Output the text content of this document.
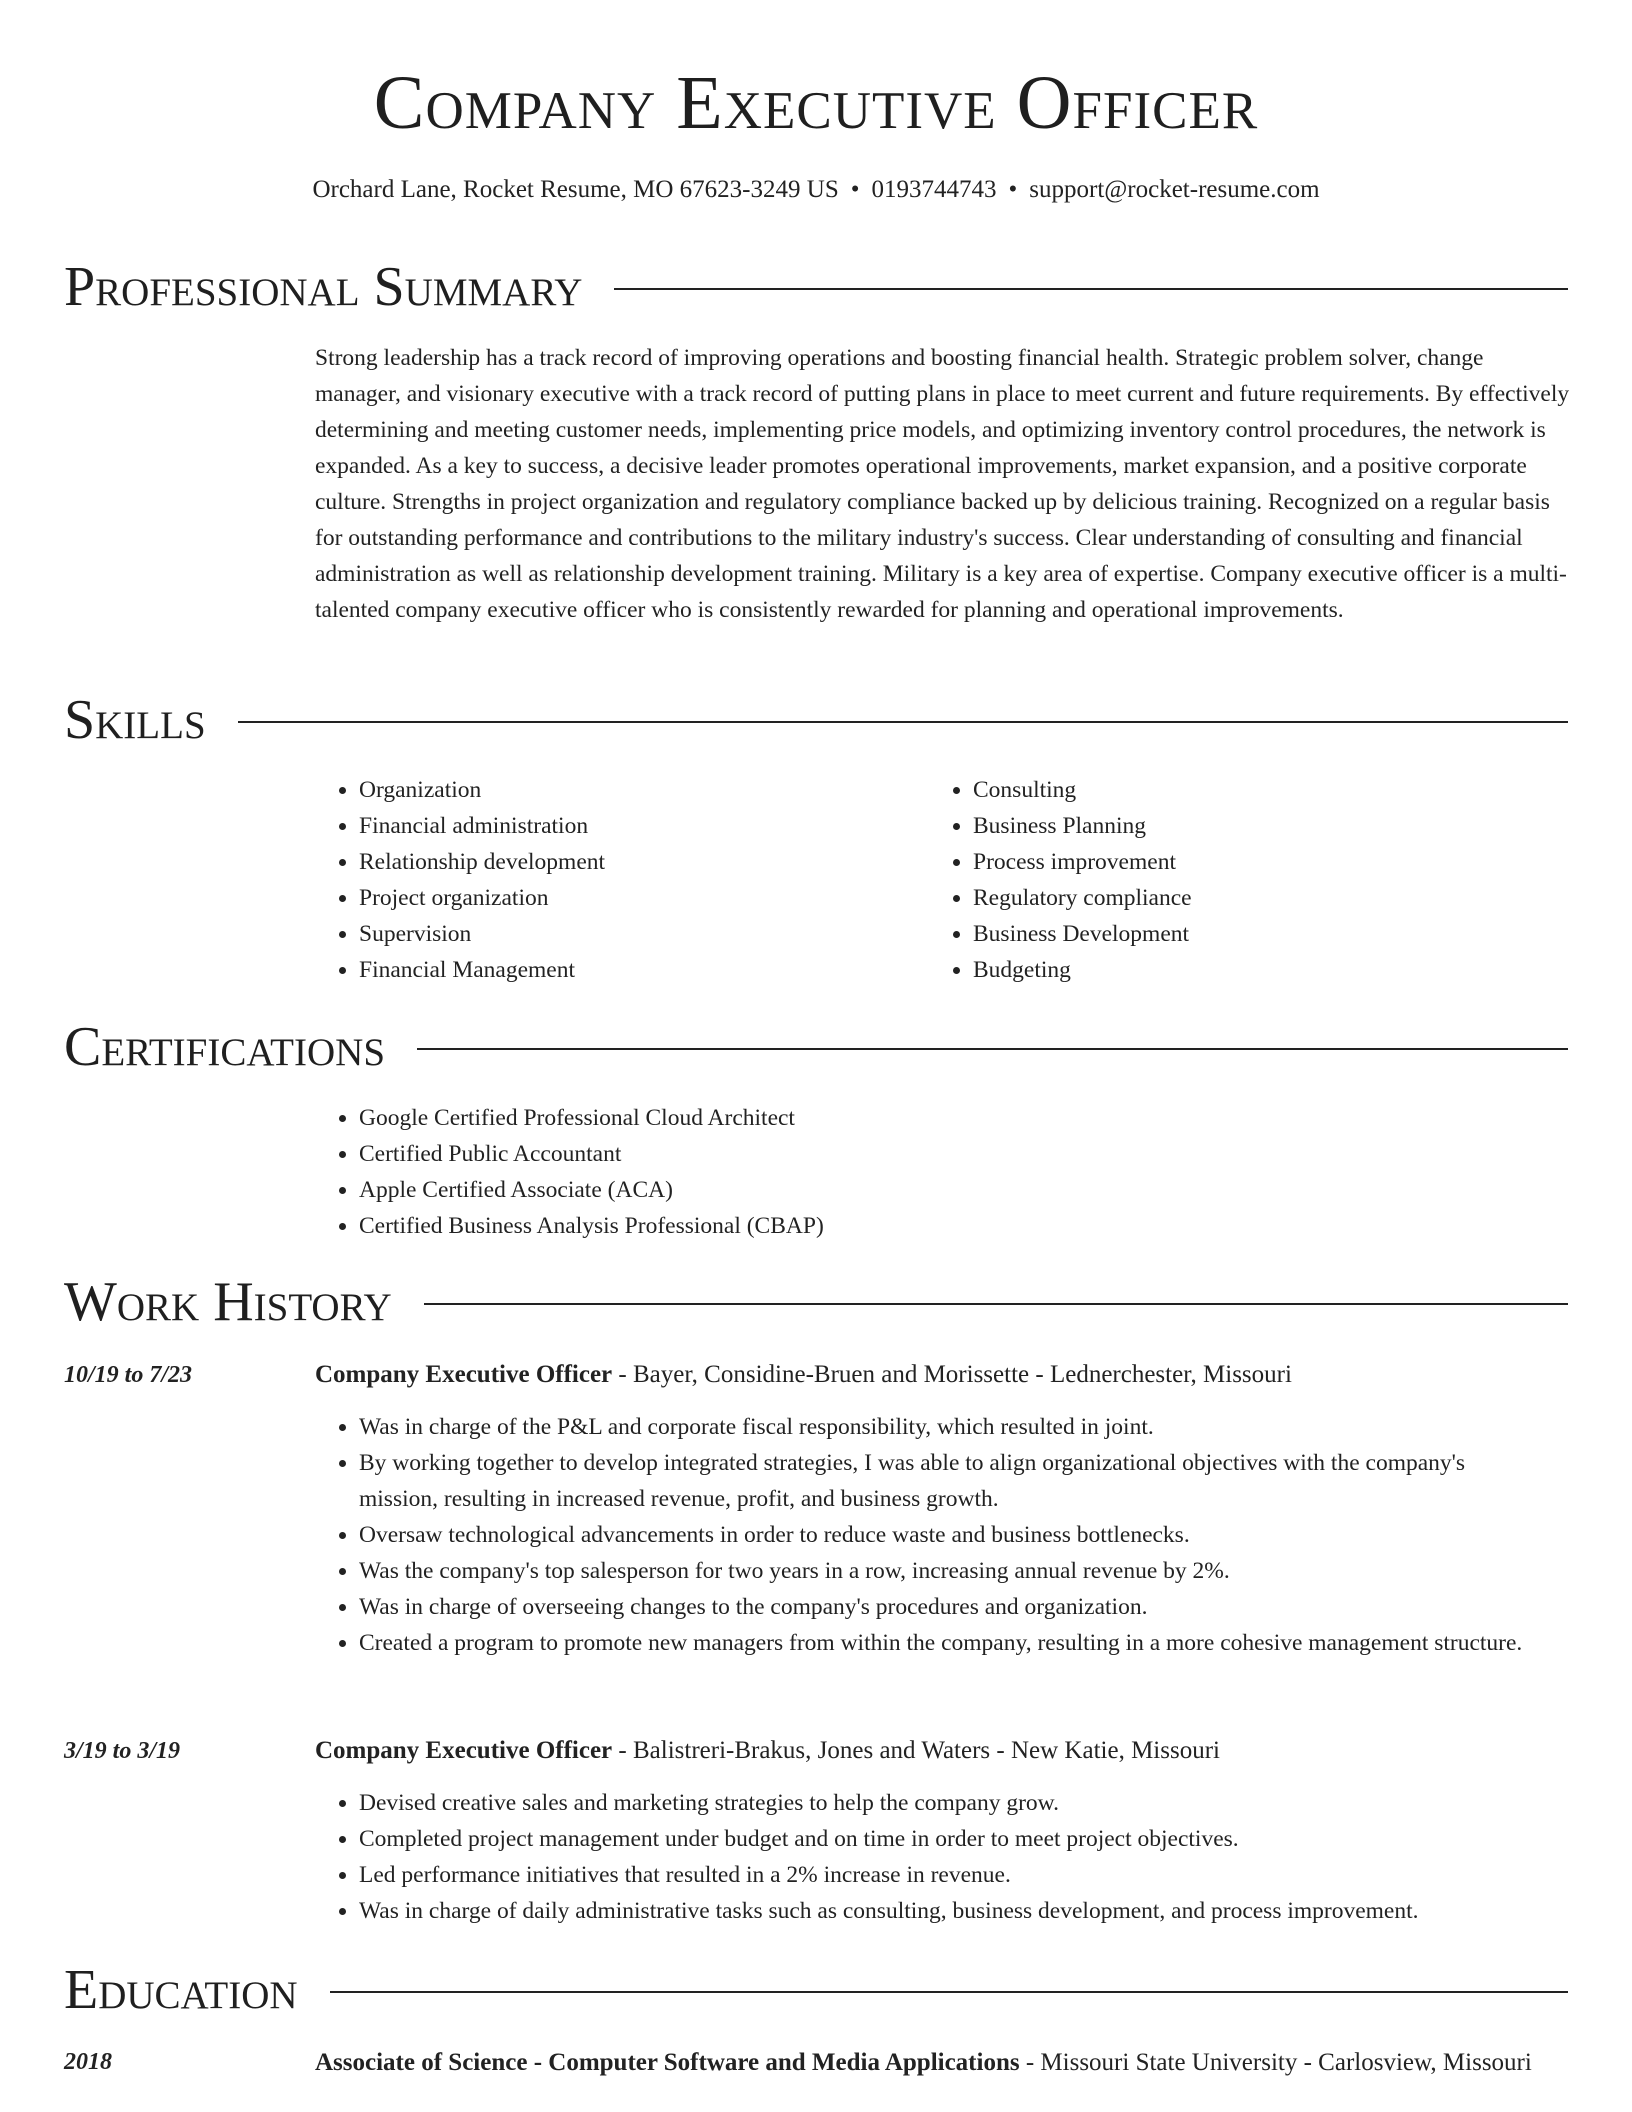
Company Executive Officer
Orchard Lane, Rocket Resume, MO 67623-3249 US • 0193744743 • support@rocket-resume.com
Professional Summary

Strong leadership has a track record of improving operations and boosting financial health. Strategic problem solver, change manager, and visionary executive with a track record of putting plans in place to meet current and future requirements. By effectively determining and meeting customer needs, implementing price models, and optimizing inventory control procedures, the network is expanded. As a key to success, a decisive leader promotes operational improvements, market expansion, and a positive corporate culture. Strengths in project organization and regulatory compliance backed up by delicious training. Recognized on a regular basis for outstanding performance and contributions to the military industry's success. Clear understanding of consulting and financial administration as well as relationship development training. Military is a key area of expertise. Company executive officer is a multi-talented company executive officer who is consistently rewarded for planning and operational improvements.

Skills
• Organization
• Financial administration
• Relationship development
• Project organization
• Supervision
• Financial Management
• Consulting
• Business Planning
• Process improvement
• Regulatory compliance
• Business Development
• Budgeting
Certifications
• Google Certified Professional Cloud Architect
• Certified Public Accountant
• Apple Certified Associate (ACA)
• Certified Business Analysis Professional (CBAP)
Work History
10/19 to 7/23	Company Executive Officer - Bayer, Considine-Bruen and Morissette - Lednerchester, Missouri
• Was in charge of the P&L and corporate fiscal responsibility, which resulted in joint.
• By working together to develop integrated strategies, I was able to align organizational objectives with the company's mission, resulting in increased revenue, profit, and business growth.
• Oversaw technological advancements in order to reduce waste and business bottlenecks.
• Was the company's top salesperson for two years in a row, increasing annual revenue by 2%.
• Was in charge of overseeing changes to the company's procedures and organization.
• Created a program to promote new managers from within the company, resulting in a more cohesive management structure.
3/19 to 3/19	Company Executive Officer - Balistreri-Brakus, Jones and Waters - New Katie, Missouri
• Devised creative sales and marketing strategies to help the company grow.
• Completed project management under budget and on time in order to meet project objectives.
• Led performance initiatives that resulted in a 2% increase in revenue.
• Was in charge of daily administrative tasks such as consulting, business development, and process improvement.
Education
2018	Associate of Science - Computer Software and Media Applications - Missouri State University - Carlosview, Missouri
